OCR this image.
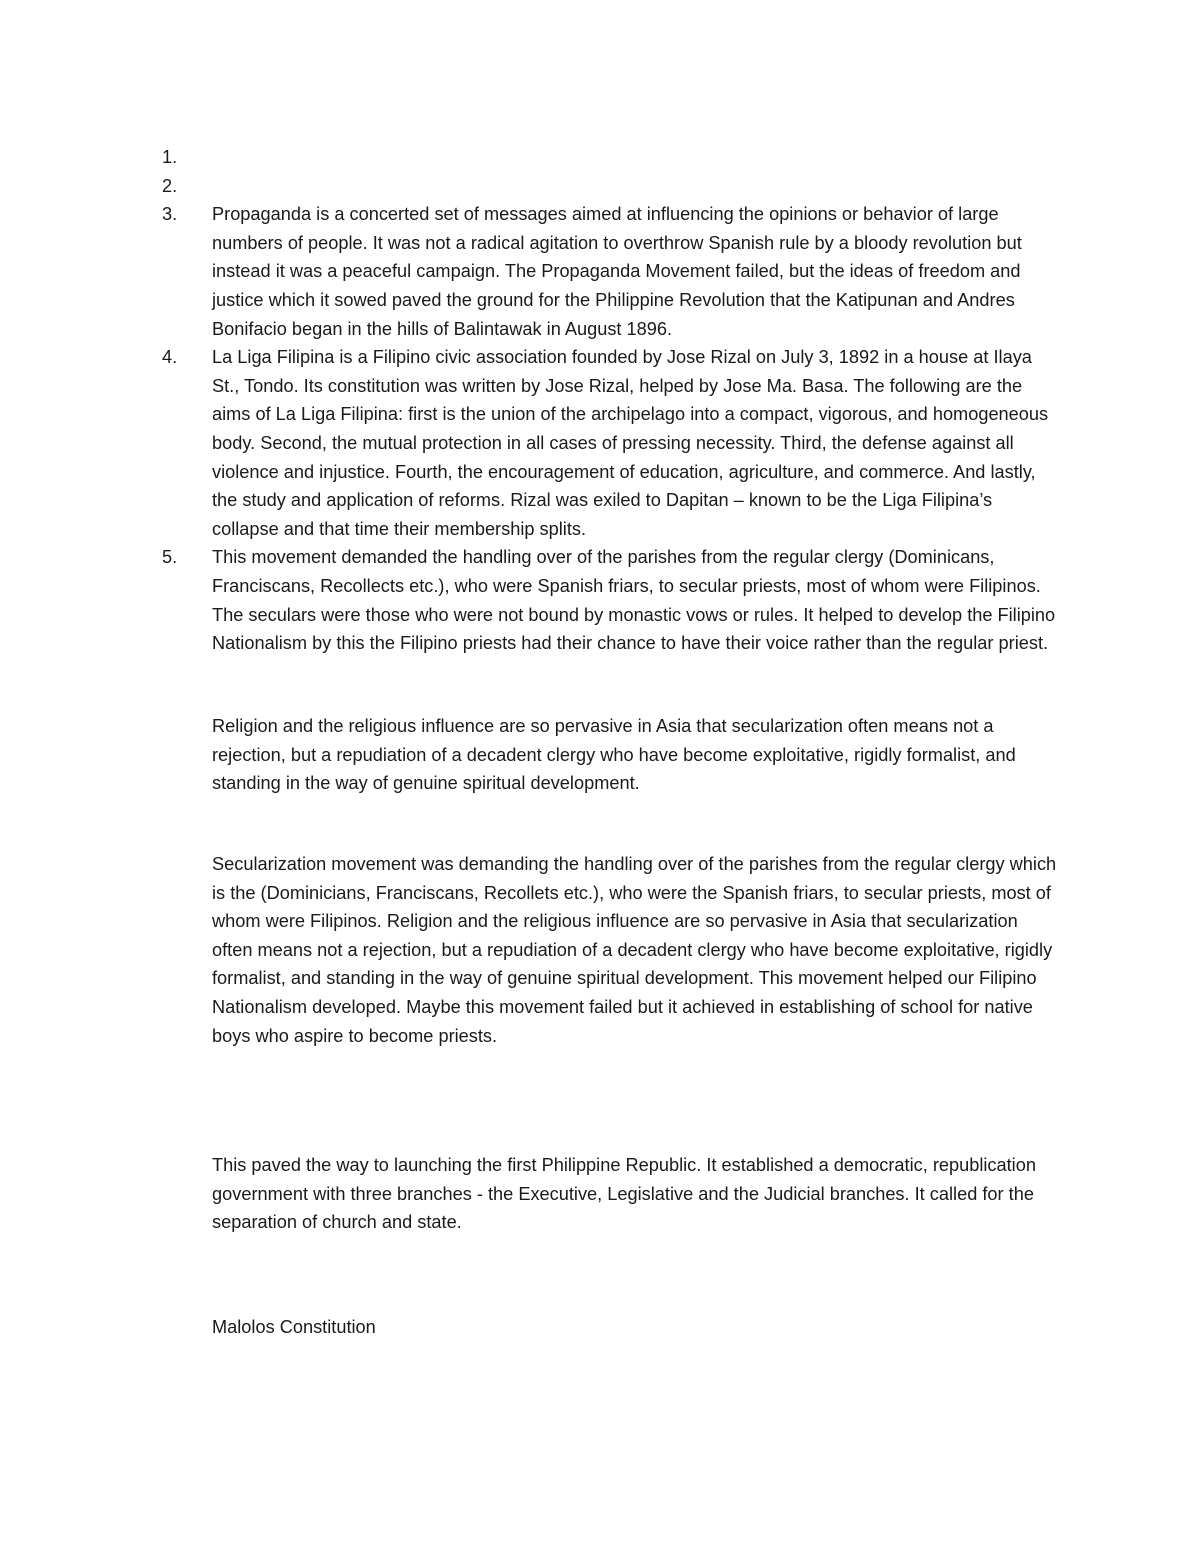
1.
2.
3.	Propaganda is a concerted set of messages aimed at influencing the opinions or behavior of large numbers of people. It was not a radical agitation to overthrow Spanish rule by a bloody revolution but instead it was a peaceful campaign. The Propaganda Movement failed, but the ideas of freedom and justice which it sowed paved the ground for the Philippine Revolution that the Katipunan and Andres Bonifacio began in the hills of Balintawak in August 1896.
4.	La Liga Filipina is a Filipino civic association founded by Jose Rizal on July 3, 1892 in a house at Ilaya St., Tondo. Its constitution was written by Jose Rizal, helped by Jose Ma. Basa. The following are the aims of La Liga Filipina: first is the union of the archipelago into a compact, vigorous, and homogeneous body. Second, the mutual protection in all cases of pressing necessity. Third, the defense against all violence and injustice. Fourth, the encouragement of education, agriculture, and commerce. And lastly, the study and application of reforms. Rizal was exiled to Dapitan – known to be the Liga Filipina’s collapse and that time their membership splits.
5.	This movement demanded the handling over of the parishes from the regular clergy (Dominicans, Franciscans, Recollects etc.), who were Spanish friars, to secular priests, most of whom were Filipinos. The seculars were those who were not bound by monastic vows or rules. It helped to develop the Filipino Nationalism by this the Filipino priests had their chance to have their voice rather than the regular priest.

Religion and the religious influence are so pervasive in Asia that secularization often means not a rejection, but a repudiation of a decadent clergy who have become exploitative, rigidly formalist, and standing in the way of genuine spiritual development.

Secularization movement was demanding the handling over of the parishes from the regular clergy which is the (Dominicians, Franciscans, Recollets etc.), who were the Spanish friars, to secular priests, most of whom were Filipinos. Religion and the religious influence are so pervasive in Asia that secularization often means not a rejection, but a repudiation of a decadent clergy who have become exploitative, rigidly formalist, and standing in the way of genuine spiritual development. This movement helped our Filipino Nationalism developed. Maybe this movement failed but it achieved in establishing of school for native boys who aspire to become priests.

This paved the way to launching the first Philippine Republic. It established a democratic, republication government with three branches - the Executive, Legislative and the Judicial branches. It called for the separation of church and state.

Malolos Constitution
